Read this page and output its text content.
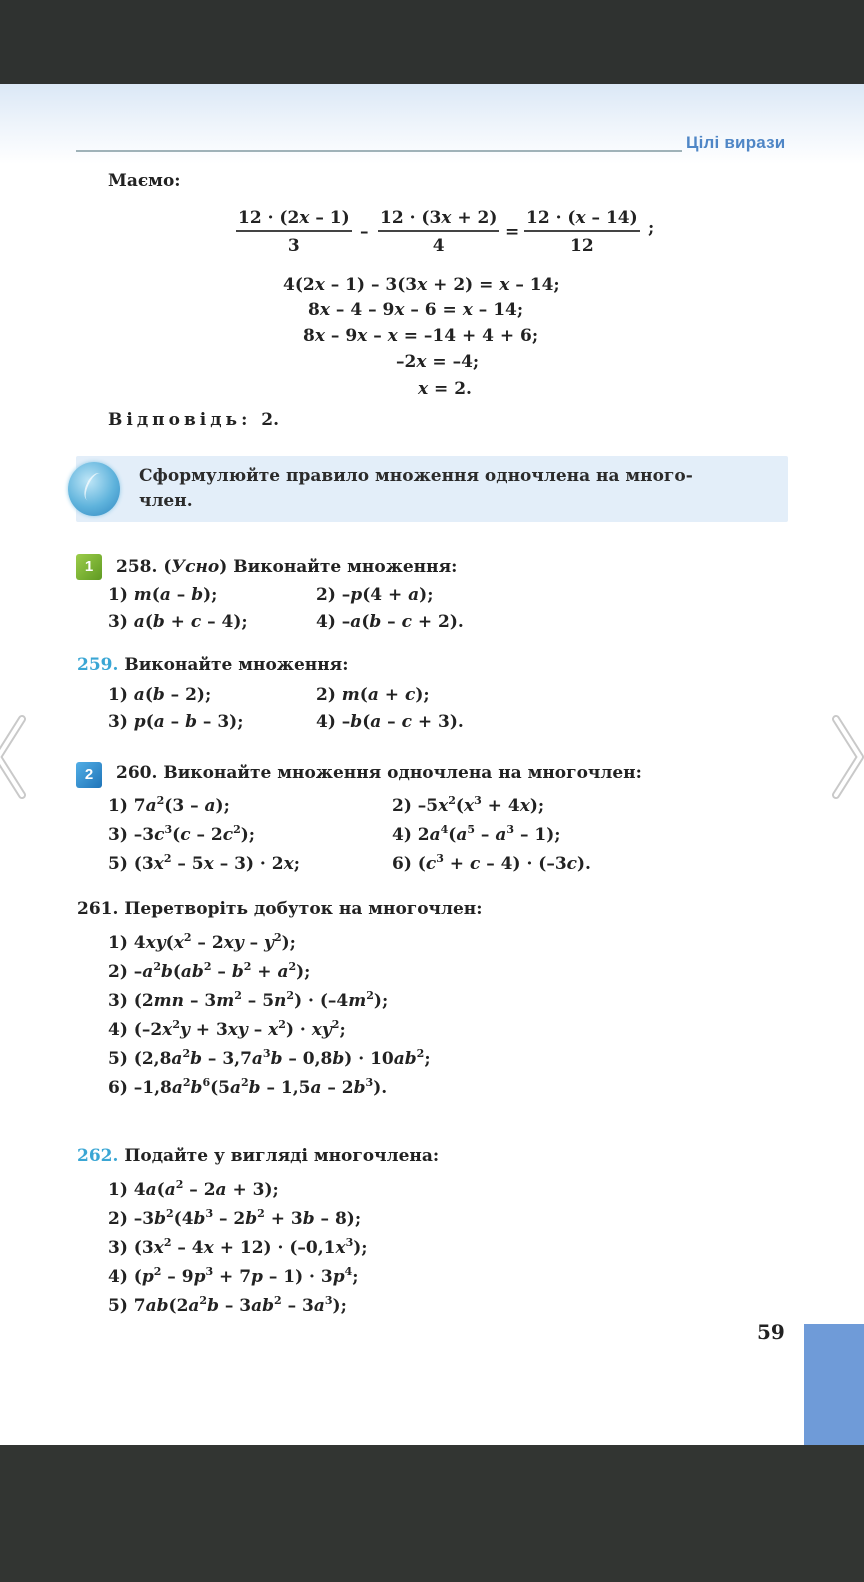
Цілі вирази
Маємо:
$\frac{12 \cdot (2x - 1)}{3} - \frac{12 \cdot (3x + 2)}{4} = \frac{12 \cdot (x - 14)}{12}$ ;
4(2x – 1) – 3(3x + 2) = x – 14;
8x – 4 – 9x – 6 = x – 14;
8x – 9x – x = –14 + 4 + 6;
–2x = –4;
x = 2.
Відповідь: 2.
Сформулюйте правило множення одночлена на много-
член.
1	258. (Усно) Виконайте множення:
1) m(a – b);	2) –p(4 + a);
3) a(b + c – 4);	4) –a(b – c + 2).
259. Виконайте множення:
1) a(b – 2);	2) m(a + c);
3) p(a – b – 3);	4) –b(a – c + 3).
2	260. Виконайте множення одночлена на многочлен:
1) $7a^2(3 - a)$;	2) $-5x^2(x^3 + 4x)$;
3) $-3c^3(c - 2c^2)$;	4) $2a^4(a^5 - a^3 - 1)$;
5) $(3x^2 - 5x - 3) \cdot 2x$;	6) $(c^3 + c - 4) \cdot (-3c)$.
261. Перетворіть добуток на многочлен:
1) $4xy(x^2 - 2xy - y^2)$;
2) $-a^2b(ab^2 - b^2 + a^2)$;
3) $(2mn - 3m^2 - 5n^2) \cdot (-4m^2)$;
4) $(-2x^2y + 3xy - x^2) \cdot xy^2$;
5) $(2,8a^2b - 3,7a^3b - 0,8b) \cdot 10ab^2$;
6) $-1,8a^2b^6(5a^2b - 1,5a - 2b^3)$.
262. Подайте у вигляді многочлена:
1) $4a(a^2 - 2a + 3)$;
2) $-3b^2(4b^3 - 2b^2 + 3b - 8)$;
3) $(3x^2 - 4x + 12) \cdot (-0,1x^3)$;
4) $(p^2 - 9p^3 + 7p - 1) \cdot 3p^4$;
5) $7ab(2a^2b - 3ab^2 - 3a^3)$;
59
